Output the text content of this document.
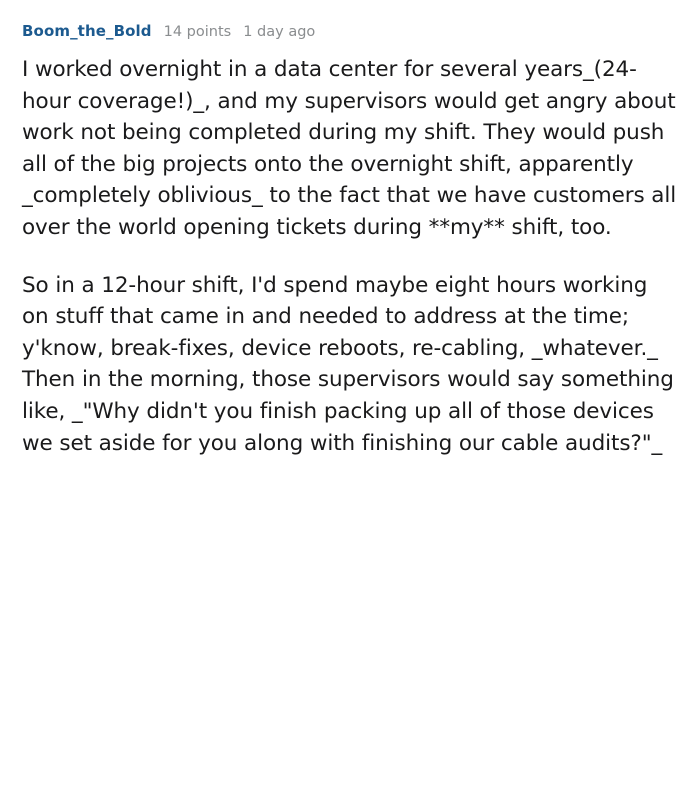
Boom_the_Bold 14 points 1 day ago

I worked overnight in a data center for several years_(24-hour coverage!)_, and my supervisors would get angry about work not being completed during my shift. They would push all of the big projects onto the overnight shift, apparently _completely oblivious_ to the fact that we have customers all over the world opening tickets during **my** shift, too.

So in a 12-hour shift, I'd spend maybe eight hours working on stuff that came in and needed to address at the time; y'know, break-fixes, device reboots, re-cabling, _whatever._ Then in the morning, those supervisors would say something like, _"Why didn't you finish packing up all of those devices we set aside for you along with finishing our cable audits?"_
